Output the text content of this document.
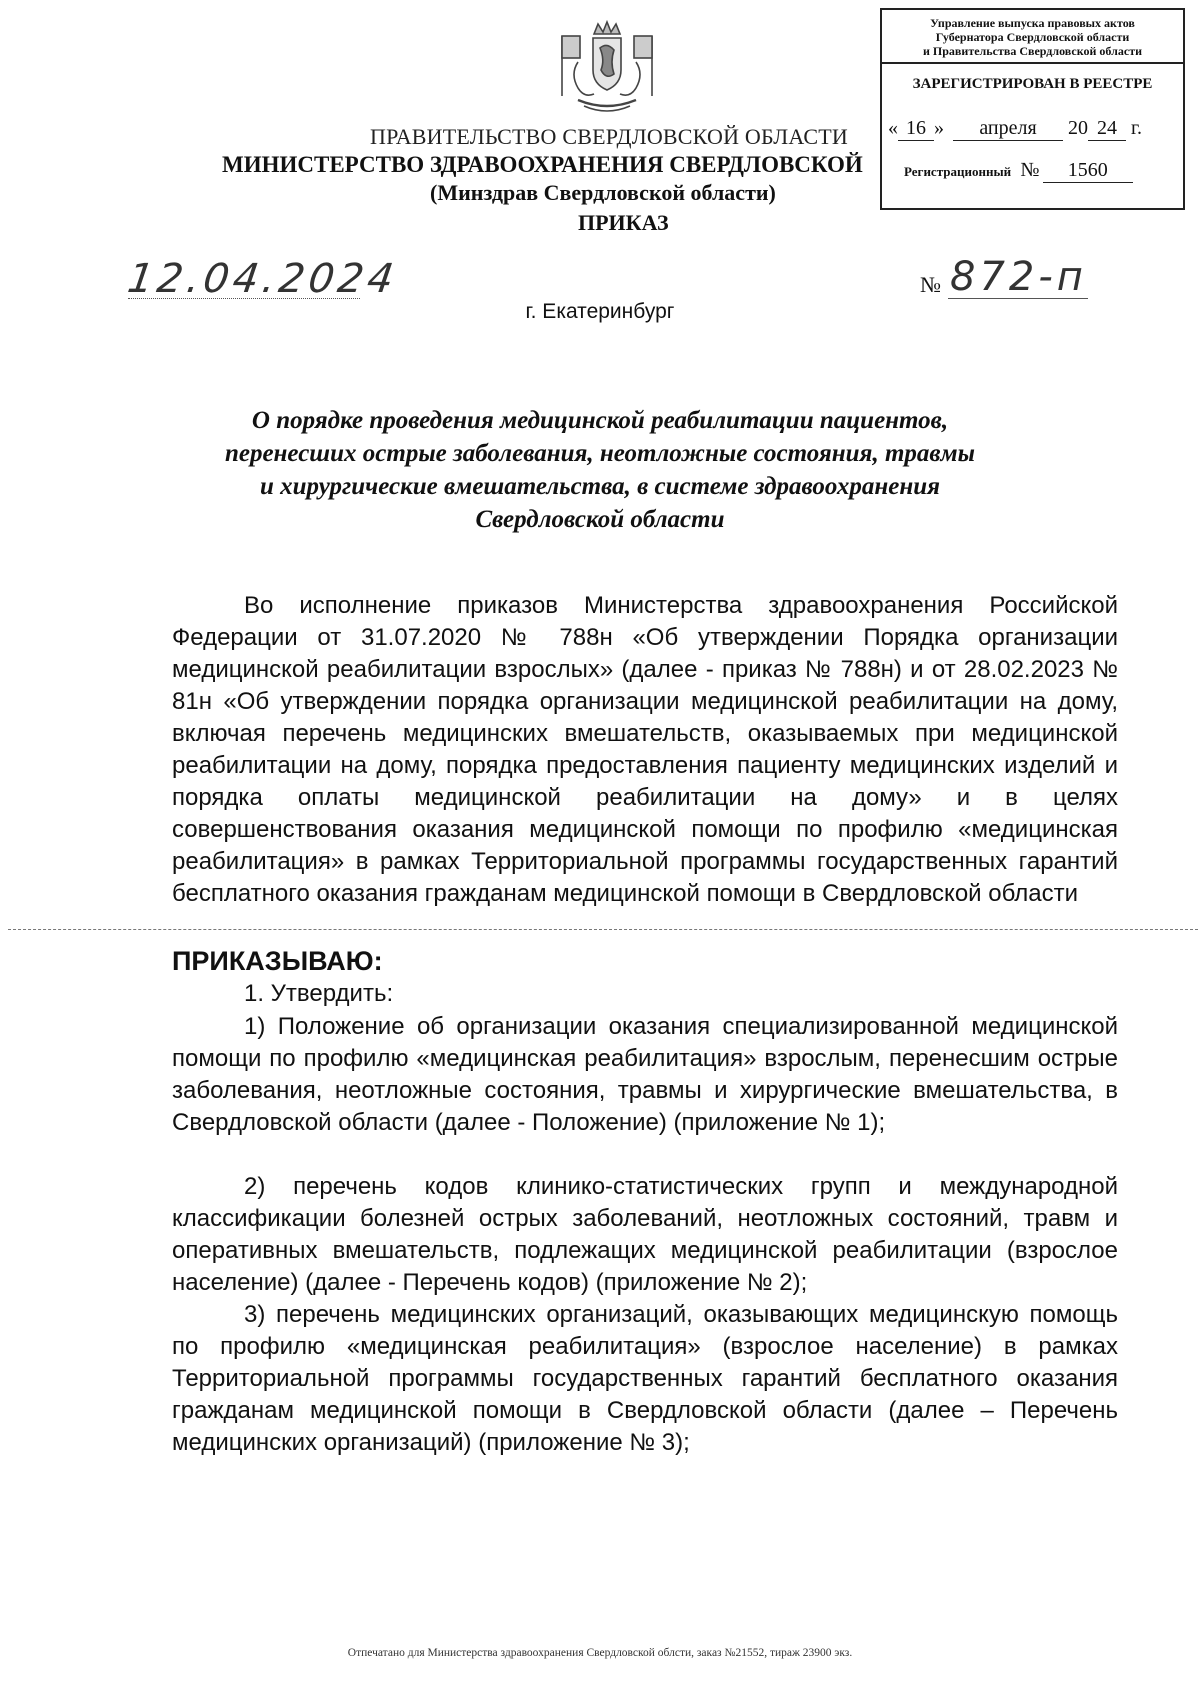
ПРАВИТЕЛЬСТВО СВЕРДЛОВСКОЙ ОБЛАСТИ
МИНИСТЕРСТВО ЗДРАВООХРАНЕНИЯ СВЕРДЛОВСКОЙ
(Минздрав Свердловской области)
ПРИКАЗ
Управление выпуска правовых актов
Губернатора Свердловской области
и Правительства Свердловской области
ЗАРЕГИСТРИРОВАН В РЕЕСТРЕ
« 16 » апреля 20 24 г.
Регистрационный № 1560
12.04.2024	№ 872-п
г. Екатеринбург
О порядке проведения медицинской реабилитации пациентов,
перенесших острые заболевания, неотложные состояния, травмы
и хирургические вмешательства, в системе здравоохранения
Свердловской области
Во исполнение приказов Министерства здравоохранения Российской Федерации от 31.07.2020 № 788н «Об утверждении Порядка организации медицинской реабилитации взрослых» (далее - приказ № 788н) и от 28.02.2023 № 81н «Об утверждении порядка организации медицинской реабилитации на дому, включая перечень медицинских вмешательств, оказываемых при медицинской реабилитации на дому, порядка предоставления пациенту медицинских изделий и порядка оплаты медицинской реабилитации на дому» и в целях совершенствования оказания медицинской помощи по профилю «медицинская реабилитация» в рамках Территориальной программы государственных гарантий бесплатного оказания гражданам медицинской помощи в Свердловской области
ПРИКАЗЫВАЮ:
1. Утвердить:
1) Положение об организации оказания специализированной медицинской помощи по профилю «медицинская реабилитация» взрослым, перенесшим острые заболевания, неотложные состояния, травмы и хирургические вмешательства, в Свердловской области (далее - Положение) (приложение № 1);
2) перечень кодов клинико-статистических групп и международной классификации болезней острых заболеваний, неотложных состояний, травм и оперативных вмешательств, подлежащих медицинской реабилитации (взрослое население) (далее - Перечень кодов) (приложение № 2);
3) перечень медицинских организаций, оказывающих медицинскую помощь по профилю «медицинская реабилитация» (взрослое население) в рамках Территориальной программы государственных гарантий бесплатного оказания гражданам медицинской помощи в Свердловской области (далее – Перечень медицинских организаций) (приложение № 3);
Отпечатано для Министерства здравоохранения Свердловской облсти, заказ №21552, тираж 23900 экз.
